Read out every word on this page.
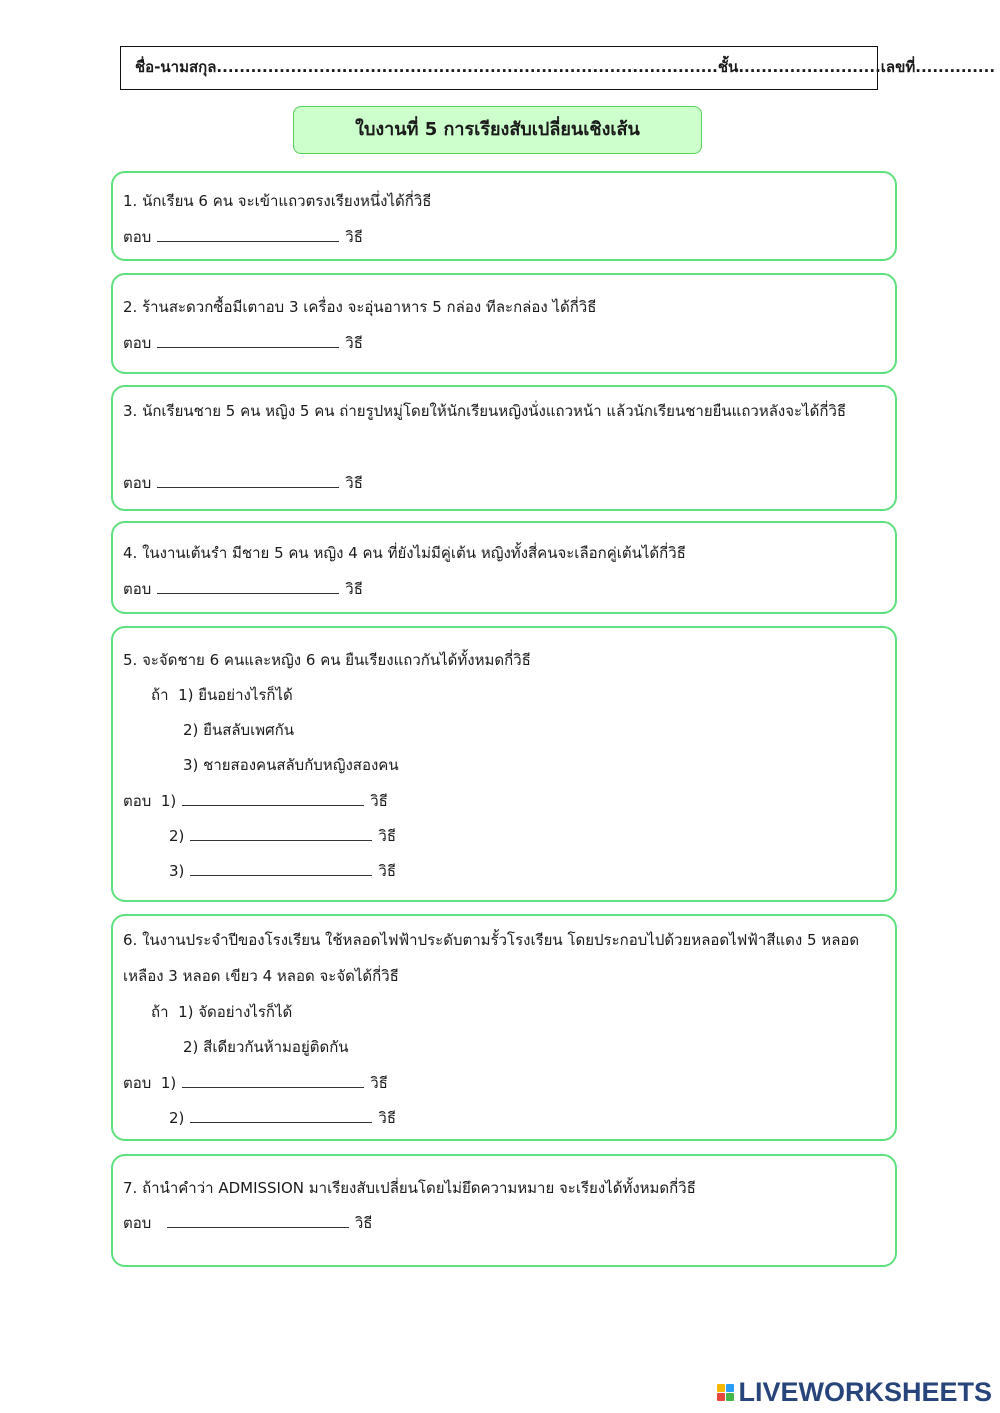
ชื่อ-นามสกุล........................................................................................ชั้น.........................เลขที่..............
ใบงานที่ 5 การเรียงสับเปลี่ยนเชิงเส้น
1. นักเรียน 6 คน จะเข้าแถวตรงเรียงหนึ่งได้กี่วิธี
ตอบ	วิธี
2. ร้านสะดวกซื้อมีเตาอบ 3 เครื่อง จะอุ่นอาหาร 5 กล่อง ทีละกล่อง ได้กี่วิธี
ตอบ	วิธี
3. นักเรียนชาย 5 คน หญิง 5 คน ถ่ายรูปหมู่โดยให้นักเรียนหญิงนั่งแถวหน้า แล้วนักเรียนชายยืนแถวหลังจะได้กี่วิธี
ตอบ	วิธี
4. ในงานเต้นรำ มีชาย 5 คน หญิง 4 คน ที่ยังไม่มีคู่เต้น หญิงทั้งสี่คนจะเลือกคู่เต้นได้กี่วิธี
ตอบ	วิธี
5. จะจัดชาย 6 คนและหญิง 6 คน ยืนเรียงแถวกันได้ทั้งหมดกี่วิธี
ถ้า 1) ยืนอย่างไรก็ได้
2) ยืนสลับเพศกัน
3) ชายสองคนสลับกับหญิงสองคน
ตอบ 1)	วิธี
2)	วิธี
3)	วิธี
6. ในงานประจำปีของโรงเรียน ใช้หลอดไฟฟ้าประดับตามรั้วโรงเรียน โดยประกอบไปด้วยหลอดไฟฟ้าสีแดง 5 หลอด เหลือง 3 หลอด เขียว 4 หลอด จะจัดได้กี่วิธี
ถ้า 1) จัดอย่างไรก็ได้
2) สีเดียวกันห้ามอยู่ติดกัน
ตอบ 1)	วิธี
2)	วิธี
7. ถ้านำคำว่า ADMISSION มาเรียงสับเปลี่ยนโดยไม่ยึดความหมาย จะเรียงได้ทั้งหมดกี่วิธี
ตอบ	วิธี
LIVEWORKSHEETS
